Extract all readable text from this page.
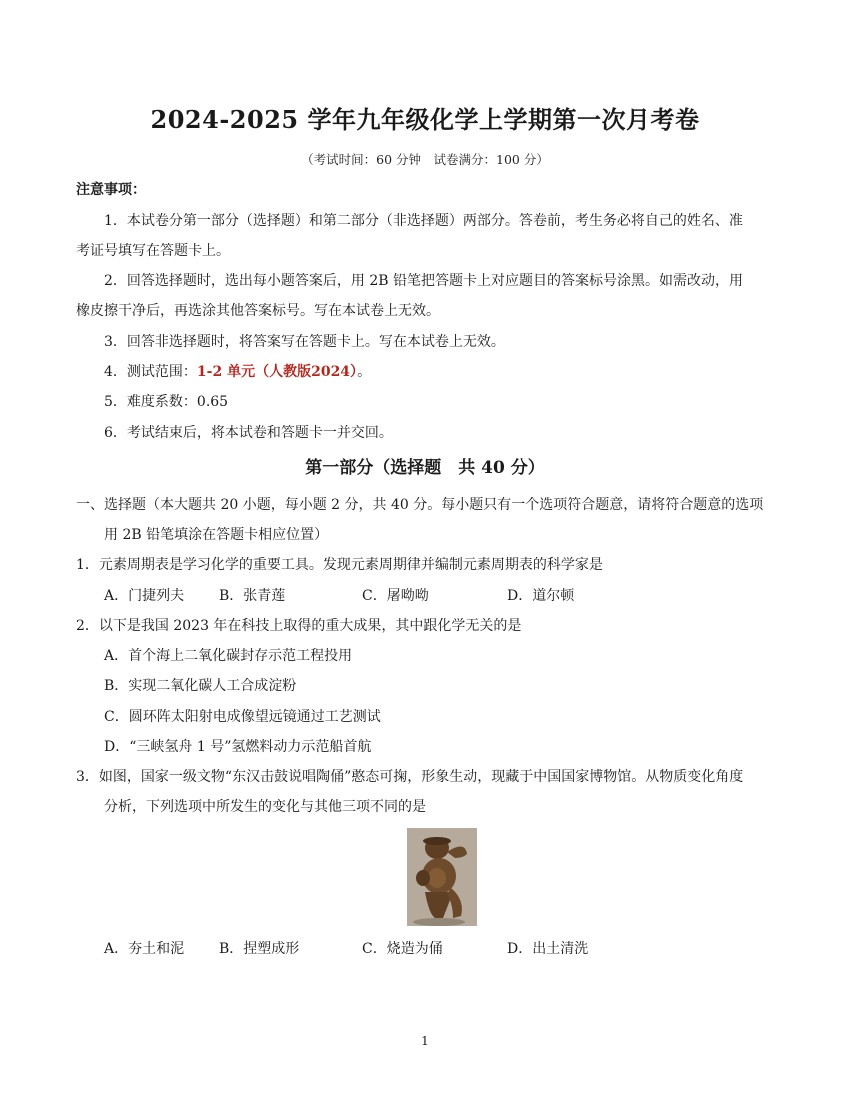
2024-2025 学年九年级化学上学期第一次月考卷
（考试时间：60 分钟　试卷满分：100 分）
注意事项：
1．本试卷分第一部分（选择题）和第二部分（非选择题）两部分。答卷前，考生务必将自己的姓名、准
考证号填写在答题卡上。
2．回答选择题时，选出每小题答案后，用 2B 铅笔把答题卡上对应题目的答案标号涂黑。如需改动，用
橡皮擦干净后，再选涂其他答案标号。写在本试卷上无效。
3．回答非选择题时，将答案写在答题卡上。写在本试卷上无效。
4．测试范围：1-2 单元（人教版2024）。
5．难度系数：0.65
6．考试结束后，将本试卷和答题卡一并交回。
第一部分（选择题　共 40 分）
一、选择题（本大题共 20 小题，每小题 2 分，共 40 分。每小题只有一个选项符合题意，请将符合题意的选项
用 2B 铅笔填涂在答题卡相应位置）
1．元素周期表是学习化学的重要工具。发现元素周期律并编制元素周期表的科学家是
A．门捷列夫 B．张青莲	C．屠呦呦	D．道尔顿
2．以下是我国 2023 年在科技上取得的重大成果，其中跟化学无关的是
A．首个海上二氧化碳封存示范工程投用
B．实现二氧化碳人工合成淀粉
C．圆环阵太阳射电成像望远镜通过工艺测试
D．“三峡氢舟 1 号”氢燃料动力示范船首航
3．如图，国家一级文物“东汉击鼓说唱陶俑”憨态可掬，形象生动，现藏于中国国家博物馆。从物质变化角度
分析，下列选项中所发生的变化与其他三项不同的是
A．夯土和泥 B．捏塑成形	C．烧造为俑	D．出土清洗
1
